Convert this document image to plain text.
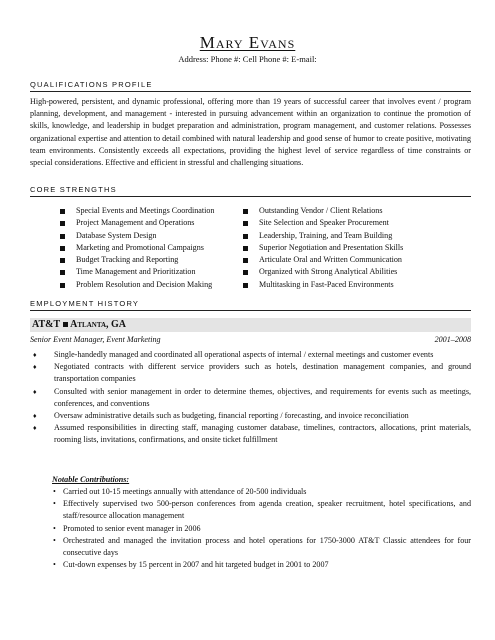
Mary Evans
Address: Phone #: Cell Phone #: E-mail:
QUALIFICATIONS PROFILE
High-powered, persistent, and dynamic professional, offering more than 19 years of successful career that involves event / program planning, development, and management - interested in pursuing advancement within an organization to continue the promotion of skills, knowledge, and leadership in budget preparation and administration, program management, and customer relations. Possesses organizational expertise and attention to detail combined with natural leadership and good sense of humor to create positive, motivating team environments. Consistently exceeds all expectations, providing the highest level of service regardless of time constraints or special considerations. Effective and efficient in stressful and challenging situations.
CORE STRENGTHS
Special Events and Meetings Coordination
Project Management and Operations
Database System Design
Marketing and Promotional Campaigns
Budget Tracking and Reporting
Time Management and Prioritization
Problem Resolution and Decision Making
Outstanding Vendor / Client Relations
Site Selection and Speaker Procurement
Leadership, Training, and Team Building
Superior Negotiation and Presentation Skills
Articulate Oral and Written Communication
Organized with Strong Analytical Abilities
Multitasking in Fast-Paced Environments
EMPLOYMENT HISTORY
AT&T Atlanta, GA
Senior Event Manager, Event Marketing	2001–2008
♦ Single-handedly managed and coordinated all operational aspects of internal / external meetings and customer events
♦ Negotiated contracts with different service providers such as hotels, destination management companies, and ground transportation companies
♦ Consulted with senior management in order to determine themes, objectives, and requirements for events such as meetings, conferences, and conventions
♦ Oversaw administrative details such as budgeting, financial reporting / forecasting, and invoice reconciliation
♦ Assumed responsibilities in directing staff, managing customer database, timelines, contractors, allocations, print materials, rooming lists, invitations, confirmations, and onsite ticket fulfillment
Notable Contributions:
• Carried out 10-15 meetings annually with attendance of 20-500 individuals
• Effectively supervised two 500-person conferences from agenda creation, speaker recruitment, hotel specifications, and staff/resource allocation management
• Promoted to senior event manager in 2006
• Orchestrated and managed the invitation process and hotel operations for 1750-3000 AT&T Classic attendees for four consecutive days
• Cut-down expenses by 15 percent in 2007 and hit targeted budget in 2001 to 2007
